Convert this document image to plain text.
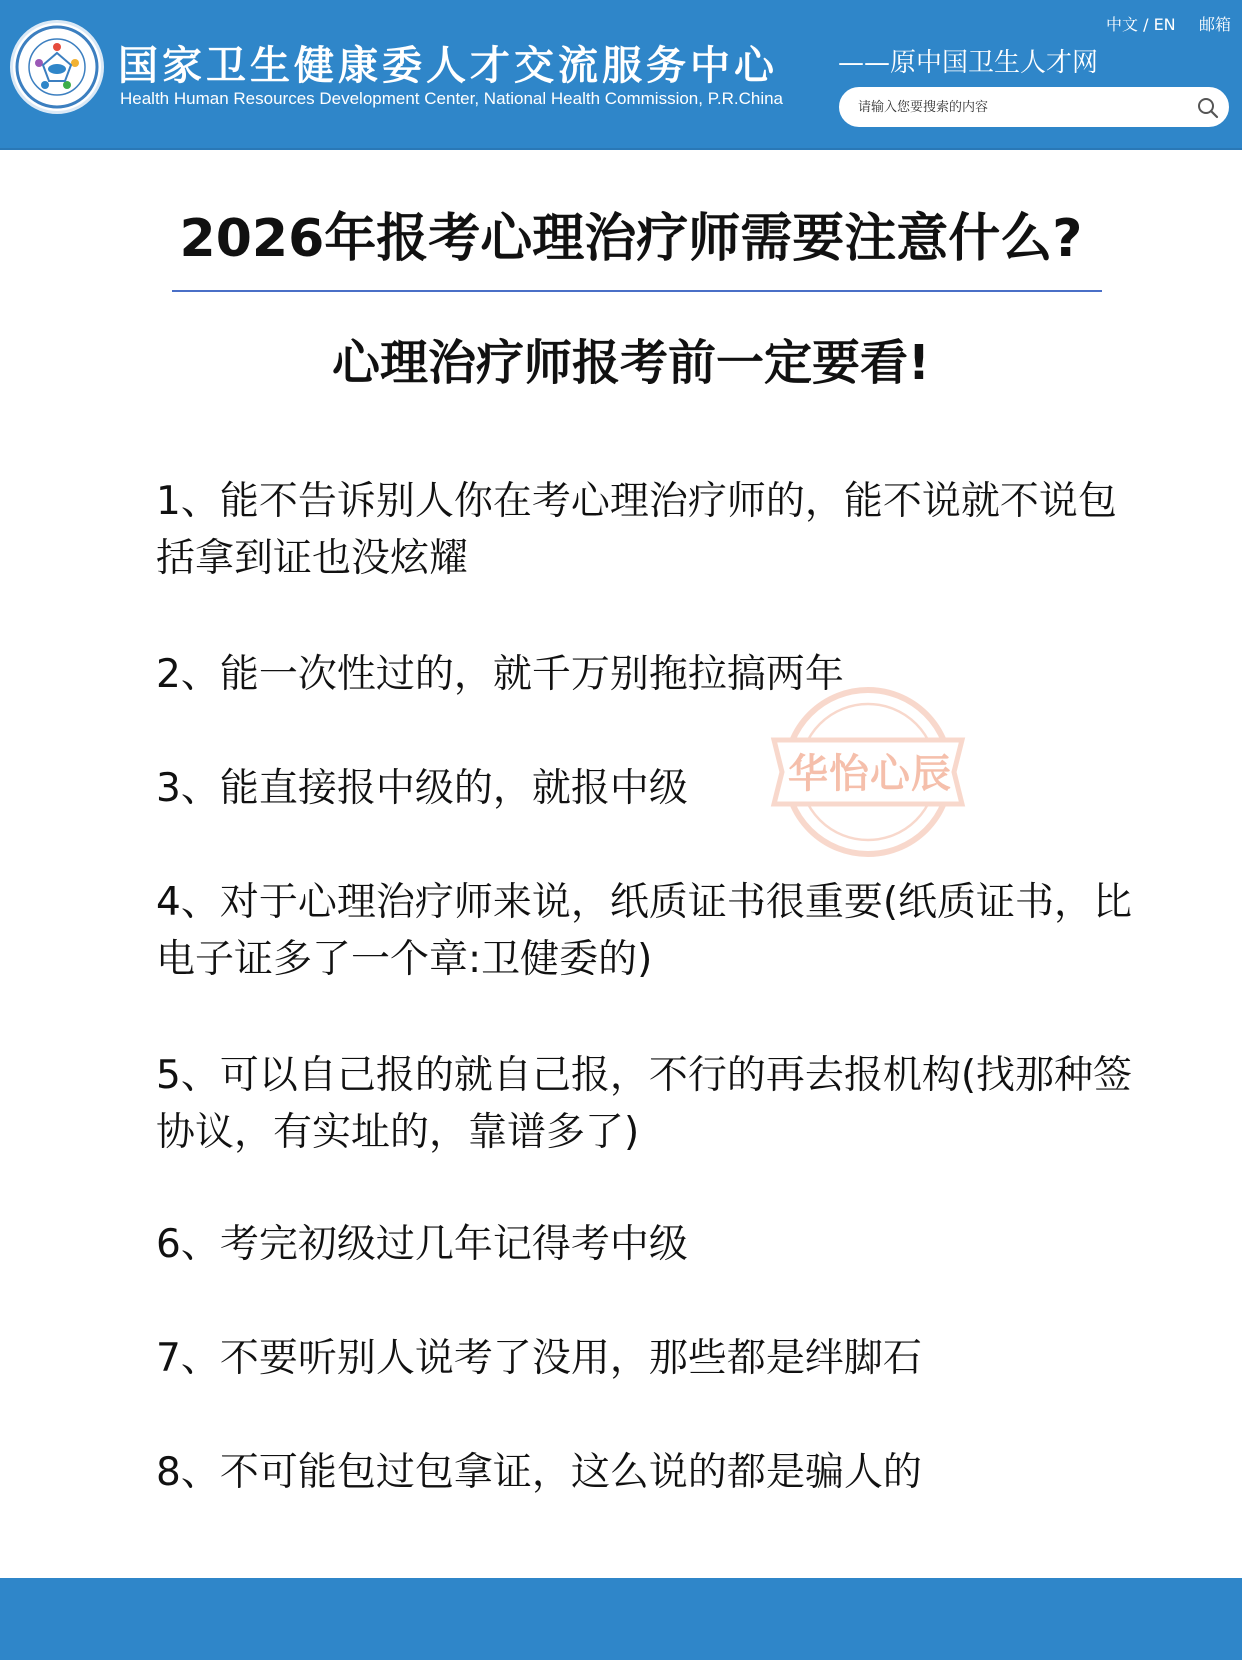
国家卫生健康委人才交流服务中心
Health Human Resources Development Center, National Health Commission, P.R.China
中文 / EN 邮箱
——原中国卫生人才网
请输入您要搜索的内容
2026年报考心理治疗师需要注意什么?
心理治疗师报考前一定要看!
1、能不告诉别人你在考心理治疗师的，能不说就不说包括拿到证也没炫耀
2、能一次性过的，就千万别拖拉搞两年
3、能直接报中级的，就报中级
4、对于心理治疗师来说，纸质证书很重要(纸质证书，比电子证多了一个章:卫健委的)
5、可以自己报的就自己报，不行的再去报机构(找那种签协议，有实址的，靠谱多了)
6、考完初级过几年记得考中级
7、不要听别人说考了没用，那些都是绊脚石
8、不可能包过包拿证，这么说的都是骗人的
华怡心辰
